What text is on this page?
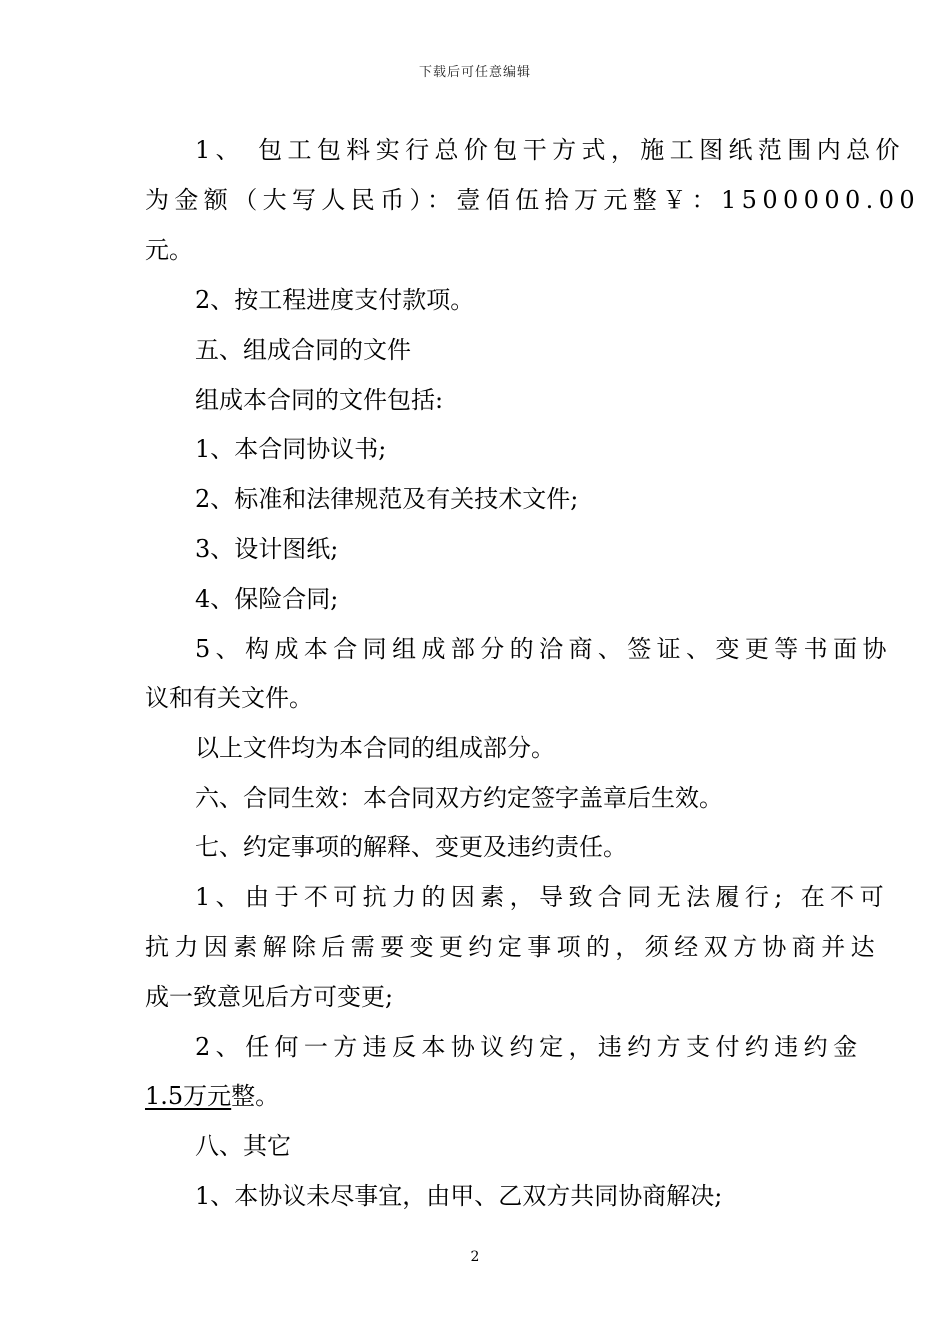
下载后可任意编辑
1、 包工包料实行总价包干方式，施工图纸范围内总价
为金额（大写人民币）：壹佰伍拾万元整￥：1500000.00
元。
2、按工程进度支付款项。
五、组成合同的文件
组成本合同的文件包括:
1、本合同协议书;
2、标准和法律规范及有关技术文件;
3、设计图纸;
4、保险合同;
5、构成本合同组成部分的洽商、签证、变更等书面协
议和有关文件。
以上文件均为本合同的组成部分。
六、合同生效：本合同双方约定签字盖章后生效。
七、约定事项的解释、变更及违约责任。
1、由于不可抗力的因素，导致合同无法履行; 在不可
抗力因素解除后需要变更约定事项的，须经双方协商并达
成一致意见后方可变更;
2、任何一方违反本协议约定，违约方支付约违约金
1.5万元整。
八、其它
1、本协议未尽事宜，由甲、乙双方共同协商解决;
2
